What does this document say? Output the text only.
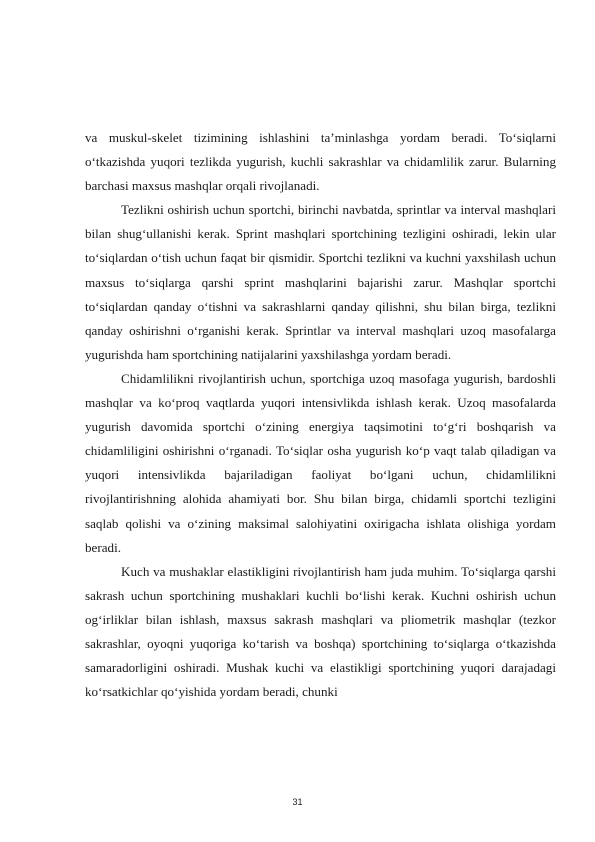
va muskul-skelet tizimining ishlashini ta’minlashga yordam beradi. To‘siqlarni o‘tkazishda yuqori tezlikda yugurish, kuchli sakrashlar va chidamlilik zarur. Bularning barchasi maxsus mashqlar orqali rivojlanadi.

Tezlikni oshirish uchun sportchi, birinchi navbatda, sprintlar va interval mashqlari bilan shug‘ullanishi kerak. Sprint mashqlari sportchining tezligini oshiradi, lekin ular to‘siqlardan o‘tish uchun faqat bir qismidir. Sportchi tezlikni va kuchni yaxshilash uchun maxsus to‘siqlarga qarshi sprint mashqlarini bajarishi zarur. Mashqlar sportchi to‘siqlardan qanday o‘tishni va sakrashlarni qanday qilishni, shu bilan birga, tezlikni qanday oshirishni o‘rganishi kerak. Sprintlar va interval mashqlari uzoq masofalarga yugurishda ham sportchining natijalarini yaxshilashga yordam beradi.

Chidamlilikni rivojlantirish uchun, sportchiga uzoq masofaga yugurish, bardoshli mashqlar va ko‘proq vaqtlarda yuqori intensivlikda ishlash kerak. Uzoq masofalarda yugurish davomida sportchi o‘zining energiya taqsimotini to‘g‘ri boshqarish va chidamliligini oshirishni o‘rganadi. To‘siqlar osha yugurish ko‘p vaqt talab qiladigan va yuqori intensivlikda bajariladigan faoliyat bo‘lgani uchun, chidamlilikni rivojlantirishning alohida ahamiyati bor. Shu bilan birga, chidamli sportchi tezligini saqlab qolishi va o‘zining maksimal salohiyatini oxirigacha ishlata olishiga yordam beradi.

Kuch va mushaklar elastikligini rivojlantirish ham juda muhim. To‘siqlarga qarshi sakrash uchun sportchining mushaklari kuchli bo‘lishi kerak. Kuchni oshirish uchun og‘irliklar bilan ishlash, maxsus sakrash mashqlari va pliometrik mashqlar (tezkor sakrashlar, oyoqni yuqoriga ko‘tarish va boshqa) sportchining to‘siqlarga o‘tkazishda samaradorligini oshiradi. Mushak kuchi va elastikligi sportchining yuqori darajadagi ko‘rsatkichlar qo‘yishida yordam beradi, chunki

31
